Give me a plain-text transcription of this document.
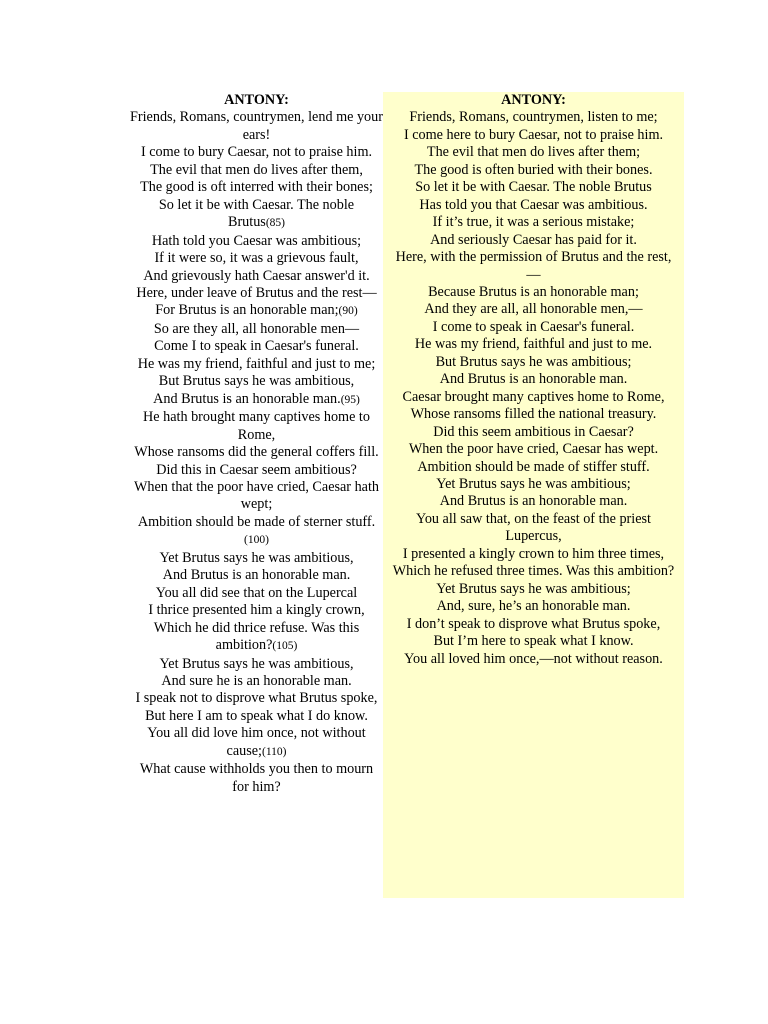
ANTONY:
Friends, Romans, countrymen, lend me your ears!
I come to bury Caesar, not to praise him.
The evil that men do lives after them,
The good is oft interred with their bones;
So let it be with Caesar. The noble Brutus(85)
Hath told you Caesar was ambitious;
If it were so, it was a grievous fault,
And grievously hath Caesar answer'd it.
Here, under leave of Brutus and the rest—
For Brutus is an honorable man;(90)
So are they all, all honorable men—
Come I to speak in Caesar's funeral.
He was my friend, faithful and just to me;
But Brutus says he was ambitious,
And Brutus is an honorable man.(95)
He hath brought many captives home to Rome,
Whose ransoms did the general coffers fill.
Did this in Caesar seem ambitious?
When that the poor have cried, Caesar hath wept;
Ambition should be made of sterner stuff.(100)
Yet Brutus says he was ambitious,
And Brutus is an honorable man.
You all did see that on the Lupercal
I thrice presented him a kingly crown,
Which he did thrice refuse. Was this ambition?(105)
Yet Brutus says he was ambitious,
And sure he is an honorable man.
I speak not to disprove what Brutus spoke,
But here I am to speak what I do know.
You all did love him once, not without cause;(110)
What cause withholds you then to mourn for him?
ANTONY:
Friends, Romans, countrymen, listen to me;
I come here to bury Caesar, not to praise him.
The evil that men do lives after them;
The good is often buried with their bones.
So let it be with Caesar. The noble Brutus
Has told you that Caesar was ambitious.
If it’s true, it was a serious mistake;
And seriously Caesar has paid for it.
Here, with the permission of Brutus and the rest,—
Because Brutus is an honorable man;
And they are all, all honorable men,—
I come to speak in Caesar's funeral.
He was my friend, faithful and just to me.
But Brutus says he was ambitious;
And Brutus is an honorable man.
Caesar brought many captives home to Rome,
Whose ransoms filled the national treasury.
Did this seem ambitious in Caesar?
When the poor have cried, Caesar has wept.
Ambition should be made of stiffer stuff.
Yet Brutus says he was ambitious;
And Brutus is an honorable man.
You all saw that, on the feast of the priest Lupercus,
I presented a kingly crown to him three times,
Which he refused three times. Was this ambition?
Yet Brutus says he was ambitious;
And, sure, he’s an honorable man.
I don’t speak to disprove what Brutus spoke,
But I’m here to speak what I know.
You all loved him once,—not without reason.
